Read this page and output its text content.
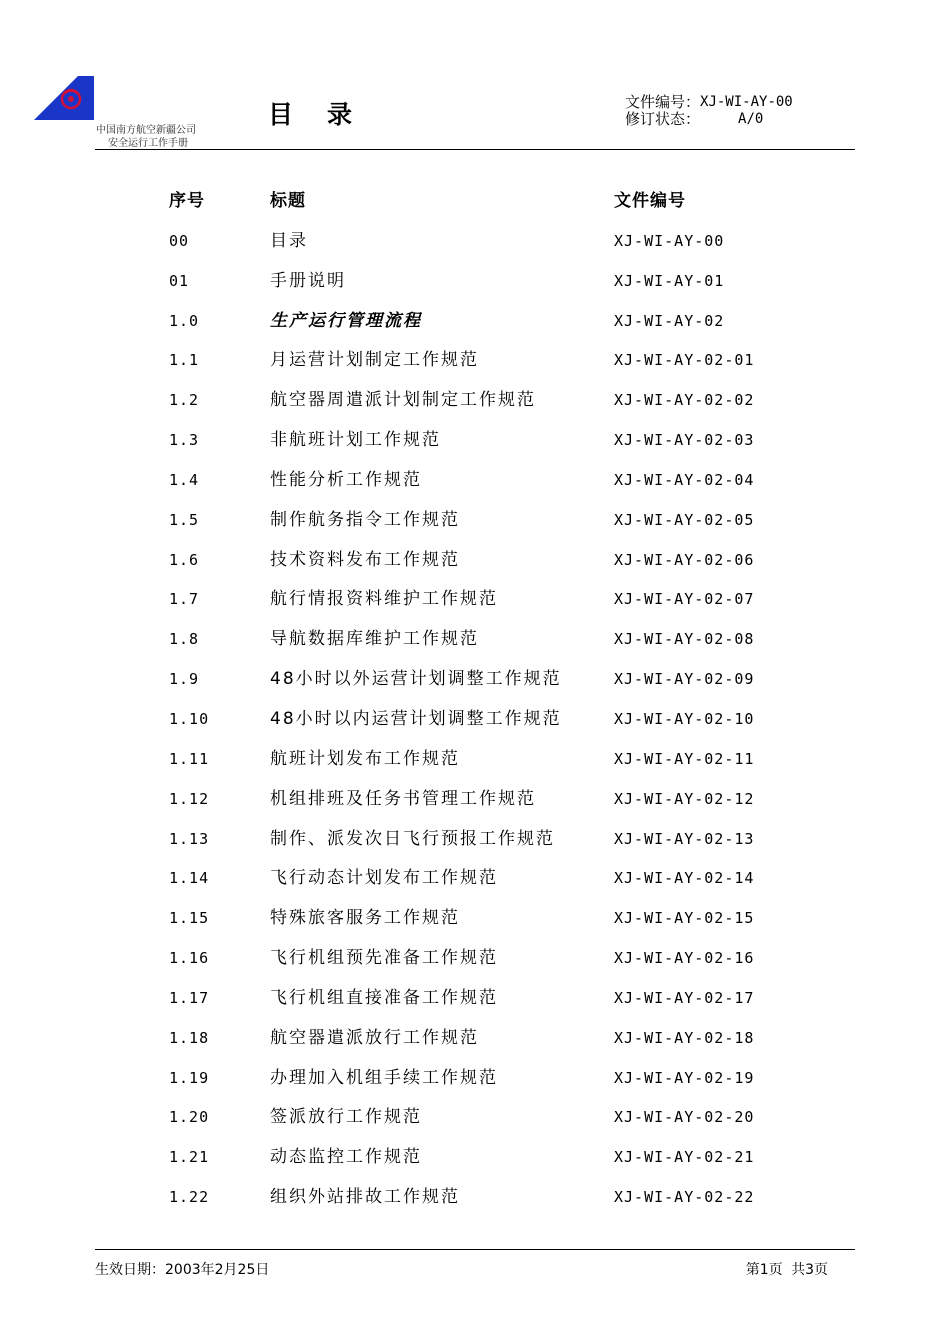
中国南方航空新疆公司
安全运行工作手册
目录	文件编号： XJ-WI-AY-00
修订状态：	A/0
序号	标题	文件编号
00	目录	XJ-WI-AY-00
01	手册说明	XJ-WI-AY-01
1.0	生产运行管理流程	XJ-WI-AY-02
1.1	月运营计划制定工作规范	XJ-WI-AY-02-01
1.2	航空器周遣派计划制定工作规范	XJ-WI-AY-02-02
1.3	非航班计划工作规范	XJ-WI-AY-02-03
1.4	性能分析工作规范	XJ-WI-AY-02-04
1.5	制作航务指令工作规范	XJ-WI-AY-02-05
1.6	技术资料发布工作规范	XJ-WI-AY-02-06
1.7	航行情报资料维护工作规范	XJ-WI-AY-02-07
1.8	导航数据库维护工作规范	XJ-WI-AY-02-08
1.9	48小时以外运营计划调整工作规范	XJ-WI-AY-02-09
1.10	48小时以内运营计划调整工作规范	XJ-WI-AY-02-10
1.11	航班计划发布工作规范	XJ-WI-AY-02-11
1.12	机组排班及任务书管理工作规范	XJ-WI-AY-02-12
1.13	制作、派发次日飞行预报工作规范	XJ-WI-AY-02-13
1.14	飞行动态计划发布工作规范	XJ-WI-AY-02-14
1.15	特殊旅客服务工作规范	XJ-WI-AY-02-15
1.16	飞行机组预先准备工作规范	XJ-WI-AY-02-16
1.17	飞行机组直接准备工作规范	XJ-WI-AY-02-17
1.18	航空器遣派放行工作规范	XJ-WI-AY-02-18
1.19	办理加入机组手续工作规范	XJ-WI-AY-02-19
1.20	签派放行工作规范	XJ-WI-AY-02-20
1.21	动态监控工作规范	XJ-WI-AY-02-21
1.22	组织外站排故工作规范	XJ-WI-AY-02-22
生效日期：2003年2月25日	第1页 共3页
